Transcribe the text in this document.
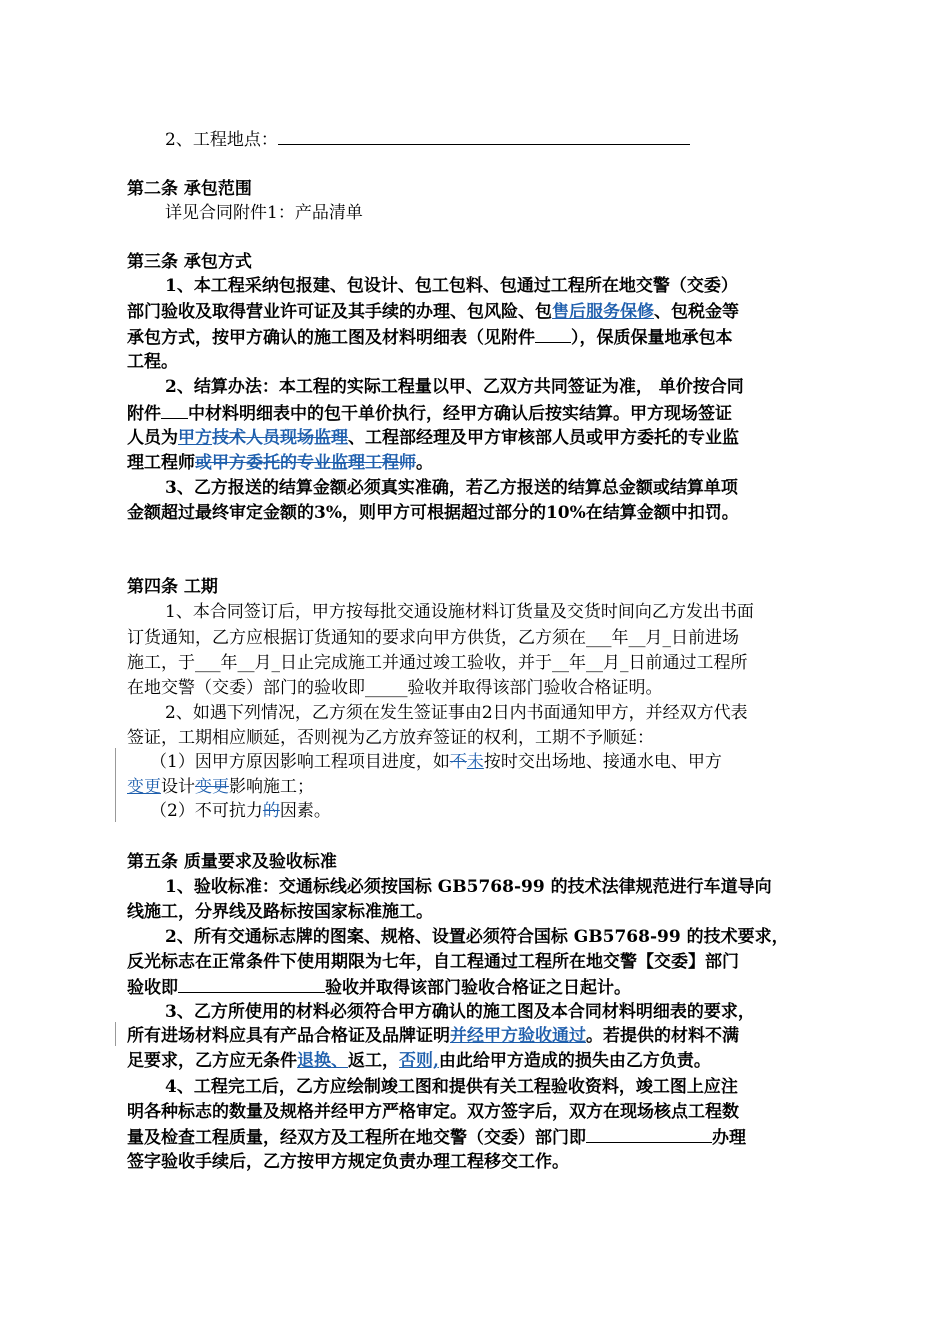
2、工程地点：
第二条 承包范围
详见合同附件1：产品清单
第三条 承包方式
1、本工程采纳包报建、包设计、包工包料、包通过工程所在地交警（交委）
部门验收及取得营业许可证及其手续的办理、包风险、包售后服务保修、包税金等
承包方式，按甲方确认的施工图及材料明细表（见附件 ），保质保量地承包本
工程。
2、结算办法：本工程的实际工程量以甲、乙双方共同签证为准， 单价按合同
附件 中材料明细表中的包干单价执行，经甲方确认后按实结算。甲方现场签证
人员为甲方技术人员现场监理、工程部经理及甲方审核部人员或甲方委托的专业监
理工程师或甲方委托的专业监理工程师。
3、乙方报送的结算金额必须真实准确，若乙方报送的结算总金额或结算单项
金额超过最终审定金额的3%，则甲方可根据超过部分的10%在结算金额中扣罚。
第四条 工期
1、本合同签订后，甲方按每批交通设施材料订货量及交货时间向乙方发出书面
订货通知，乙方应根据订货通知的要求向甲方供货，乙方须在___年__月_日前进场
施工，于___年__月_日止完成施工并通过竣工验收，并于__年__月_日前通过工程所
在地交警（交委）部门的验收即_____验收并取得该部门验收合格证明。
2、如遇下列情况，乙方须在发生签证事由2日内书面通知甲方，并经双方代表
签证，工期相应顺延，否则视为乙方放弃签证的权利，工期不予顺延：
（1）因甲方原因影响工程项目进度，如不未按时交出场地、接通水电、甲方
变更设计变更影响施工；
（2）不可抗力的因素。
第五条 质量要求及验收标准
1、验收标准：交通标线必须按国标 GB5768-99 的技术法律规范进行车道导向
线施工，分界线及路标按国家标准施工。
2、所有交通标志牌的图案、规格、设置必须符合国标 GB5768-99 的技术要求，
反光标志在正常条件下使用期限为七年，自工程通过工程所在地交警【交委】部门
验收即	验收并取得该部门验收合格证之日起计。
3、乙方所使用的材料必须符合甲方确认的施工图及本合同材料明细表的要求，
所有进场材料应具有产品合格证及品牌证明并经甲方验收通过。若提供的材料不满
足要求，乙方应无条件退换、返工，否则,由此给甲方造成的损失由乙方负责。
4、工程完工后，乙方应绘制竣工图和提供有关工程验收资料，竣工图上应注
明各种标志的数量及规格并经甲方严格审定。双方签字后，双方在现场核点工程数
量及检查工程质量，经双方及工程所在地交警（交委）部门即	办理
签字验收手续后，乙方按甲方规定负责办理工程移交工作。
